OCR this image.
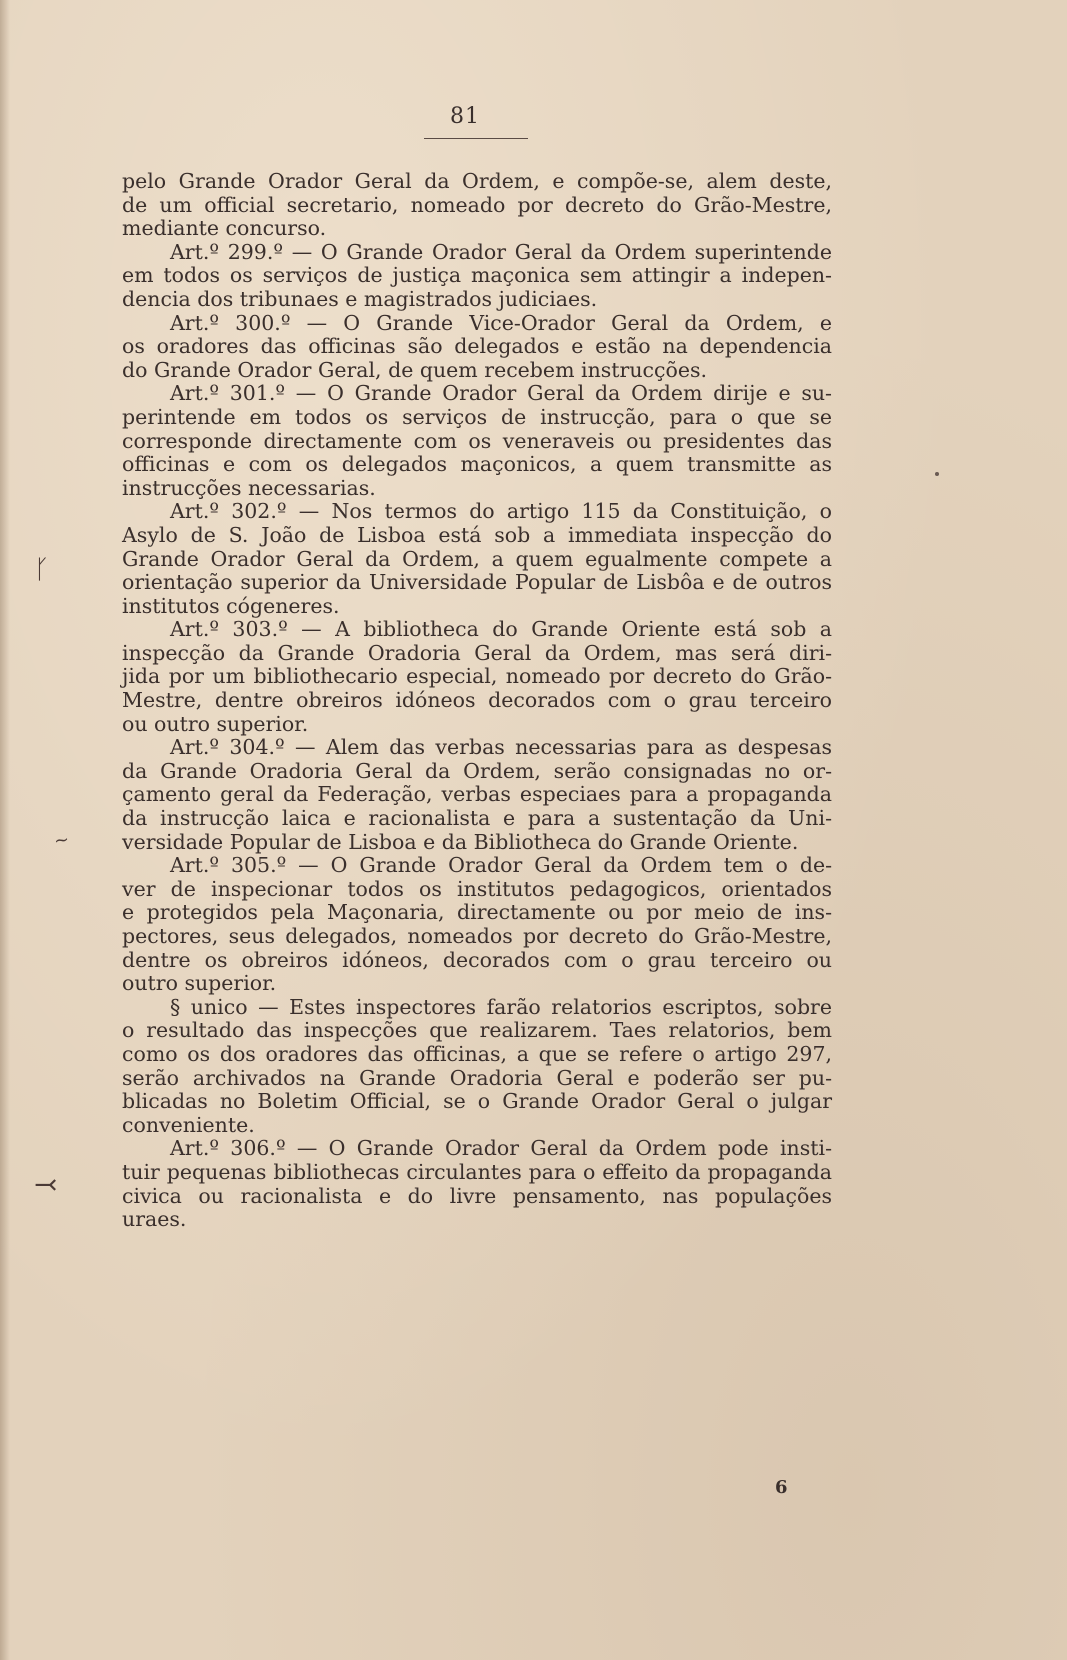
81
pelo Grande Orador Geral da Ordem, e compõe-se, alem deste,
de um official secretario, nomeado por decreto do Grão-Mestre,
mediante concurso.
Art.º 299.º — O Grande Orador Geral da Ordem superintende
em todos os serviços de justiça maçonica sem attingir a indepen-
dencia dos tribunaes e magistrados judiciaes.
Art.º 300.º — O Grande Vice-Orador Geral da Ordem, e
os oradores das officinas são delegados e estão na dependencia
do Grande Orador Geral, de quem recebem instrucções.
Art.º 301.º — O Grande Orador Geral da Ordem dirije e su-
perintende em todos os serviços de instrucção, para o que se
corresponde directamente com os veneraveis ou presidentes das
officinas e com os delegados maçonicos, a quem transmitte as
instrucções necessarias.
Art.º 302.º — Nos termos do artigo 115 da Constituição, o
Asylo de S. João de Lisboa está sob a immediata inspecção do
Grande Orador Geral da Ordem, a quem egualmente compete a
orientação superior da Universidade Popular de Lisbôa e de outros
institutos cógeneres.
Art.º 303.º — A bibliotheca do Grande Oriente está sob a
inspecção da Grande Oradoria Geral da Ordem, mas será diri-
jida por um bibliothecario especial, nomeado por decreto do Grão-
Mestre, dentre obreiros idóneos decorados com o grau terceiro
ou outro superior.
Art.º 304.º — Alem das verbas necessarias para as despesas
da Grande Oradoria Geral da Ordem, serão consignadas no or-
çamento geral da Federação, verbas especiaes para a propaganda
da instrucção laica e racionalista e para a sustentação da Uni-
versidade Popular de Lisboa e da Bibliotheca do Grande Oriente.
Art.º 305.º — O Grande Orador Geral da Ordem tem o de-
ver de inspecionar todos os institutos pedagogicos, orientados
e protegidos pela Maçonaria, directamente ou por meio de ins-
pectores, seus delegados, nomeados por decreto do Grão-Mestre,
dentre os obreiros idóneos, decorados com o grau terceiro ou
outro superior.
§ unico — Estes inspectores farão relatorios escriptos, sobre
o resultado das inspecções que realizarem. Taes relatorios, bem
como os dos oradores das officinas, a que se refere o artigo 297,
serão archivados na Grande Oradoria Geral e poderão ser pu-
blicadas no Boletim Official, se o Grande Orador Geral o julgar
conveniente.
Art.º 306.º — O Grande Orador Geral da Ordem pode insti-
tuir pequenas bibliothecas circulantes para o effeito da propaganda
civica ou racionalista e do livre pensamento, nas populações
uraes.
ᚴ
~
⤙
6
